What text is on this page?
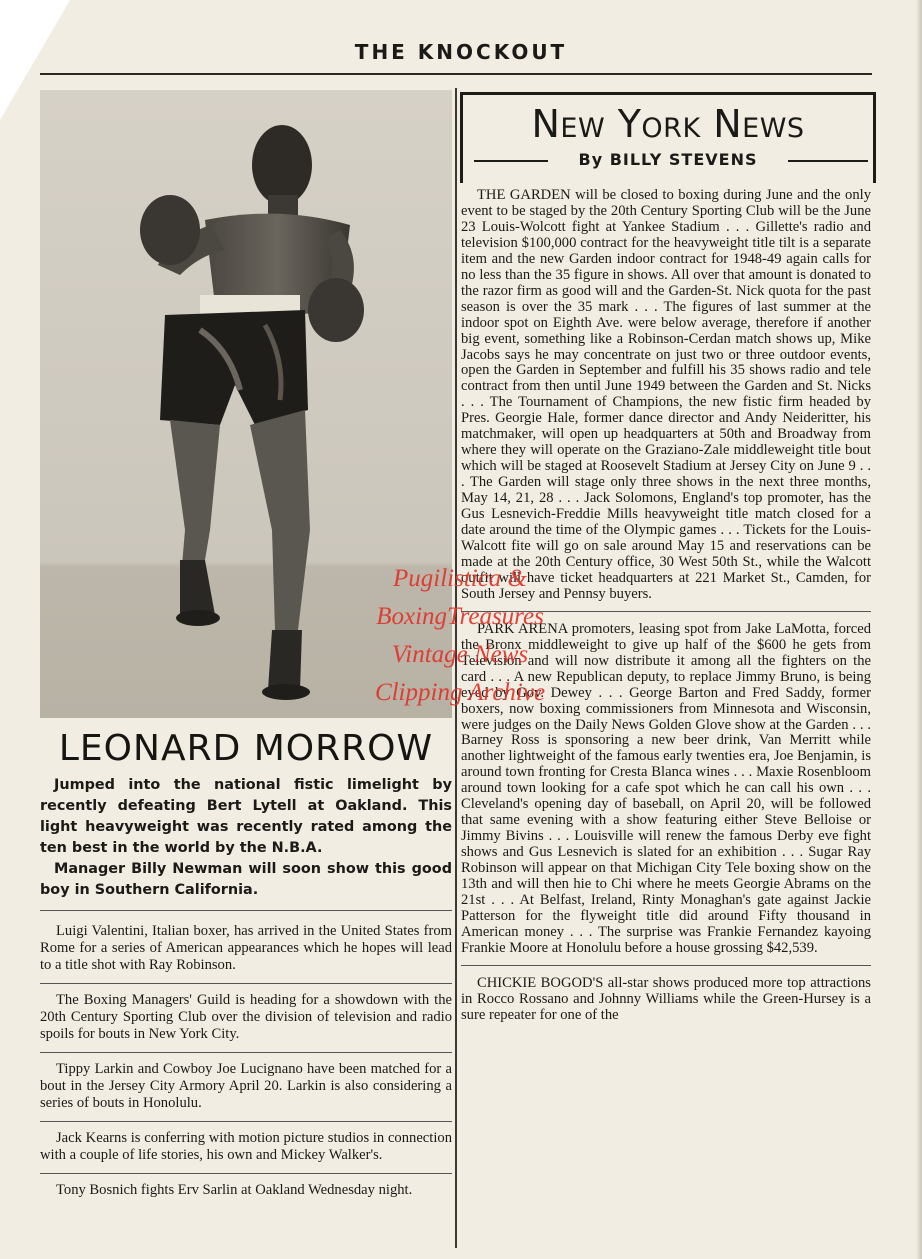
THE KNOCKOUT
LEONARD MORROW

Jumped into the national fistic limelight by recently defeating Bert Lytell at Oakland. This light heavyweight was recently rated among the ten best in the world by the N.B.A.

Manager Billy Newman will soon show this good boy in Southern California.

Luigi Valentini, Italian boxer, has arrived in the United States from Rome for a series of American appearances which he hopes will lead to a title shot with Ray Robinson.
The Boxing Managers' Guild is heading for a showdown with the 20th Century Sporting Club over the division of television and radio spoils for bouts in New York City.
Tippy Larkin and Cowboy Joe Lucignano have been matched for a bout in the Jersey City Armory April 20. Larkin is also considering a series of bouts in Honolulu.
Jack Kearns is conferring with motion picture studios in connection with a couple of life stories, his own and Mickey Walker's.
Tony Bosnich fights Erv Sarlin at Oakland Wednesday night.
New York News
By BILLY STEVENS
THE GARDEN will be closed to boxing during June and the only event to be staged by the 20th Century Sporting Club will be the June 23 Louis-Wolcott fight at Yankee Stadium . . . Gillette's radio and television $100,000 contract for the heavyweight title tilt is a separate item and the new Garden indoor contract for 1948-49 again calls for no less than the 35 figure in shows. All over that amount is donated to the razor firm as good will and the Garden-St. Nick quota for the past season is over the 35 mark . . . The figures of last summer at the indoor spot on Eighth Ave. were below average, therefore if another big event, something like a Robinson-Cerdan match shows up, Mike Jacobs says he may concentrate on just two or three outdoor events, open the Garden in September and fulfill his 35 shows radio and tele contract from then until June 1949 between the Garden and St. Nicks . . . The Tournament of Champions, the new fistic firm headed by Pres. Georgie Hale, former dance director and Andy Neideritter, his matchmaker, will open up headquarters at 50th and Broadway from where they will operate on the Graziano-Zale middleweight title bout which will be staged at Roosevelt Stadium at Jersey City on June 9 . . . The Garden will stage only three shows in the next three months, May 14, 21, 28 . . . Jack Solomons, England's top promoter, has the Gus Lesnevich-Freddie Mills heavyweight title match closed for a date around the time of the Olympic games . . . Tickets for the Louis-Walcott fite will go on sale around May 15 and reservations can be made at the 20th Century office, 30 West 50th St., while the Walcott outfit will have ticket headquarters at 221 Market St., Camden, for South Jersey and Pennsy buyers.
PARK ARENA promoters, leasing spot from Jake LaMotta, forced the Bronx middleweight to give up half of the $600 he gets from Television and will now distribute it among all the fighters on the card . . . A new Republican deputy, to replace Jimmy Bruno, is being eyed by Gov. Dewey . . . George Barton and Fred Saddy, former boxers, now boxing commissioners from Minnesota and Wisconsin, were judges on the Daily News Golden Glove show at the Garden . . . Barney Ross is sponsoring a new beer drink, Van Merritt while another lightweight of the famous early twenties era, Joe Benjamin, is around town fronting for Cresta Blanca wines . . . Maxie Rosenbloom around town looking for a cafe spot which he can call his own . . . Cleveland's opening day of baseball, on April 20, will be followed that same evening with a show featuring either Steve Belloise or Jimmy Bivins . . . Louisville will renew the famous Derby eve fight shows and Gus Lesnevich is slated for an exhibition . . . Sugar Ray Robinson will appear on that Michigan City Tele boxing show on the 13th and will then hie to Chi where he meets Georgie Abrams on the 21st . . . At Belfast, Ireland, Rinty Monaghan's gate against Jackie Patterson for the flyweight title did around Fifty thousand in American money . . . The surprise was Frankie Fernandez kayoing Frankie Moore at Honolulu before a house grossing $42,539.
CHICKIE BOGOD'S all-star shows produced more top attractions in Rocco Rossano and Johnny Williams while the Green-Hursey is a sure repeater for one of the
Pugilistica &
BoxingTreasures
Vintage News
Clipping Archive
